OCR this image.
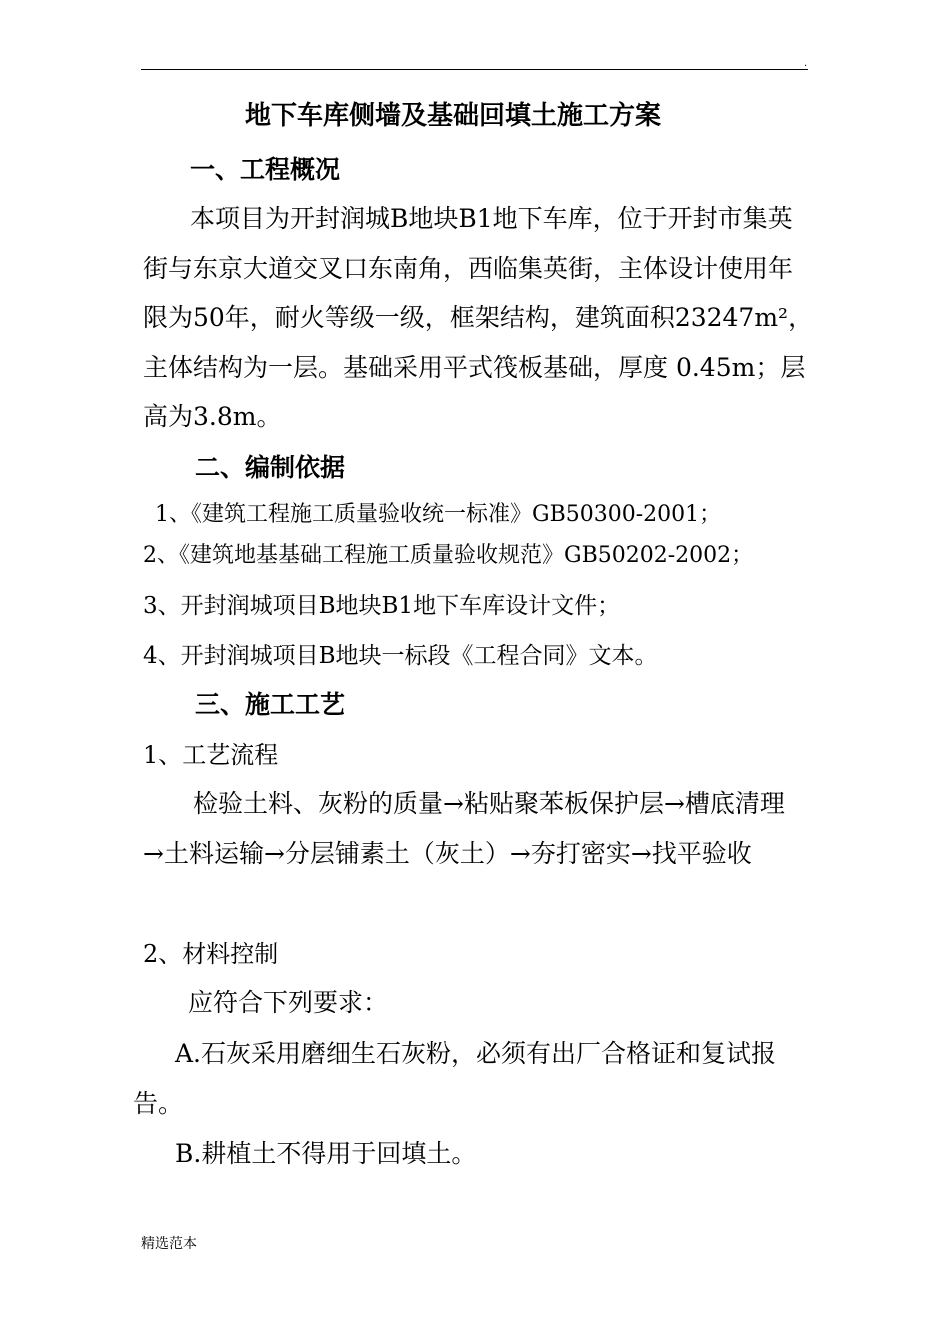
.
地下车库侧墙及基础回填土施工方案
一、工程概况
本项目为开封润城B地块B1地下车库，位于开封市集英
街与东京大道交叉口东南角，西临集英街，主体设计使用年
限为50年，耐火等级一级，框架结构，建筑面积23247m²，
主体结构为一层。基础采用平式筏板基础，厚度 0.45m；层
高为3.8m。
二、编制依据
1、《建筑工程施工质量验收统一标准》GB50300-2001；
2、《建筑地基基础工程施工质量验收规范》GB50202-2002；
3、开封润城项目B地块B1地下车库设计文件；
4、开封润城项目B地块一标段《工程合同》文本。
三、施工工艺
1、工艺流程
检验土料、灰粉的质量→粘贴聚苯板保护层→槽底清理
→土料运输→分层铺素土（灰土）→夯打密实→找平验收
2、材料控制
应符合下列要求：
A.石灰采用磨细生石灰粉，必须有出厂合格证和复试报
告。
B.耕植土不得用于回填土。
精选范本
